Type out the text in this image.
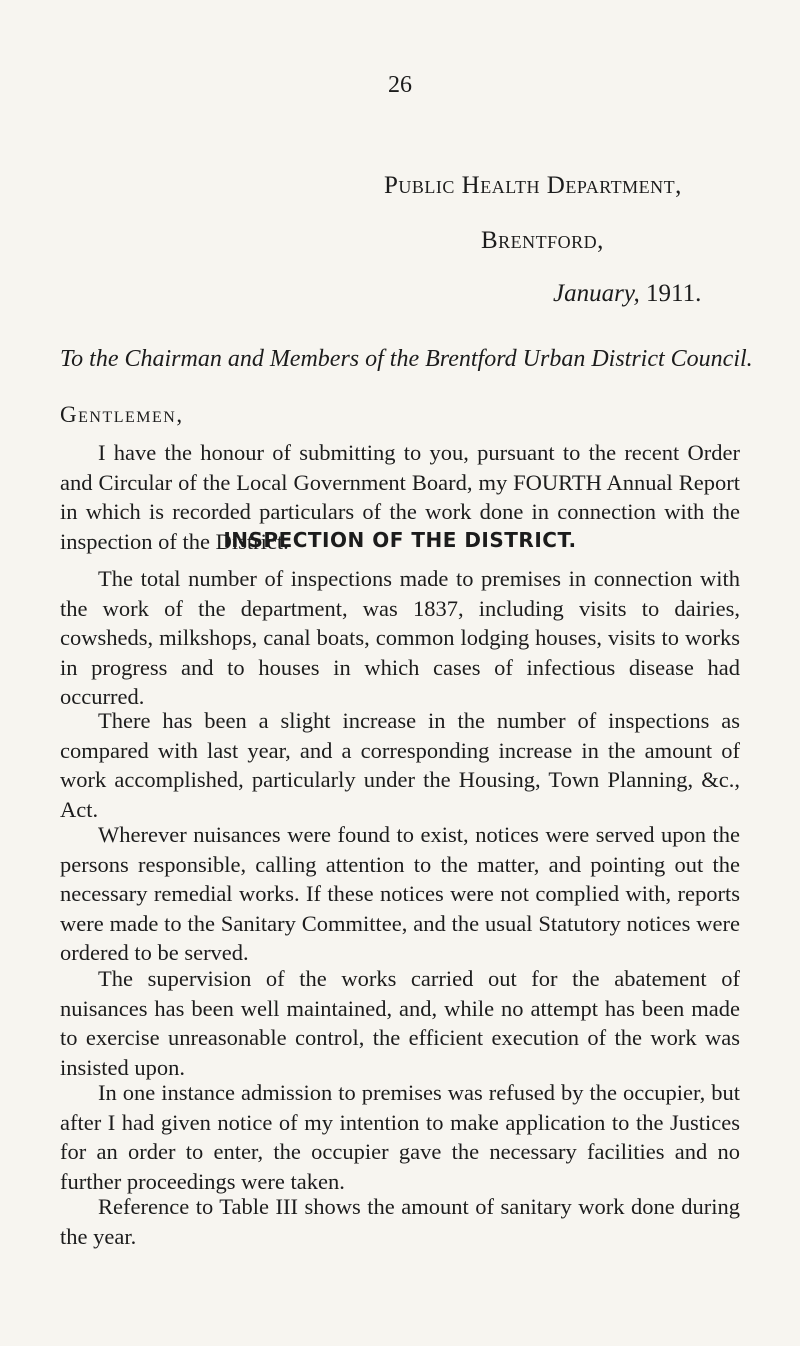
26
Public Health Department,
Brentford,
January, 1911.
To the Chairman and Members of the Brentford Urban District Council.
Gentlemen,

I have the honour of submitting to you, pursuant to the recent Order and Circular of the Local Government Board, my FOURTH Annual Report in which is recorded particulars of the work done in connection with the inspection of the District.

INSPECTION OF THE DISTRICT.

The total number of inspections made to premises in connection with the work of the department, was 1837, including visits to dairies, cowsheds, milkshops, canal boats, common lodging houses, visits to works in progress and to houses in which cases of infectious disease had occurred.

There has been a slight increase in the number of inspections as compared with last year, and a corresponding increase in the amount of work accomplished, particularly under the Housing, Town Planning, &c., Act.

Wherever nuisances were found to exist, notices were served upon the persons responsible, calling attention to the matter, and pointing out the necessary remedial works. If these notices were not complied with, reports were made to the Sanitary Committee, and the usual Statutory notices were ordered to be served.

The supervision of the works carried out for the abatement of nuisances has been well maintained, and, while no attempt has been made to exercise unreasonable control, the efficient execution of the work was insisted upon.

In one instance admission to premises was refused by the occupier, but after I had given notice of my intention to make application to the Justices for an order to enter, the occupier gave the necessary facilities and no further proceedings were taken.

Reference to Table III shows the amount of sanitary work done during the year.
